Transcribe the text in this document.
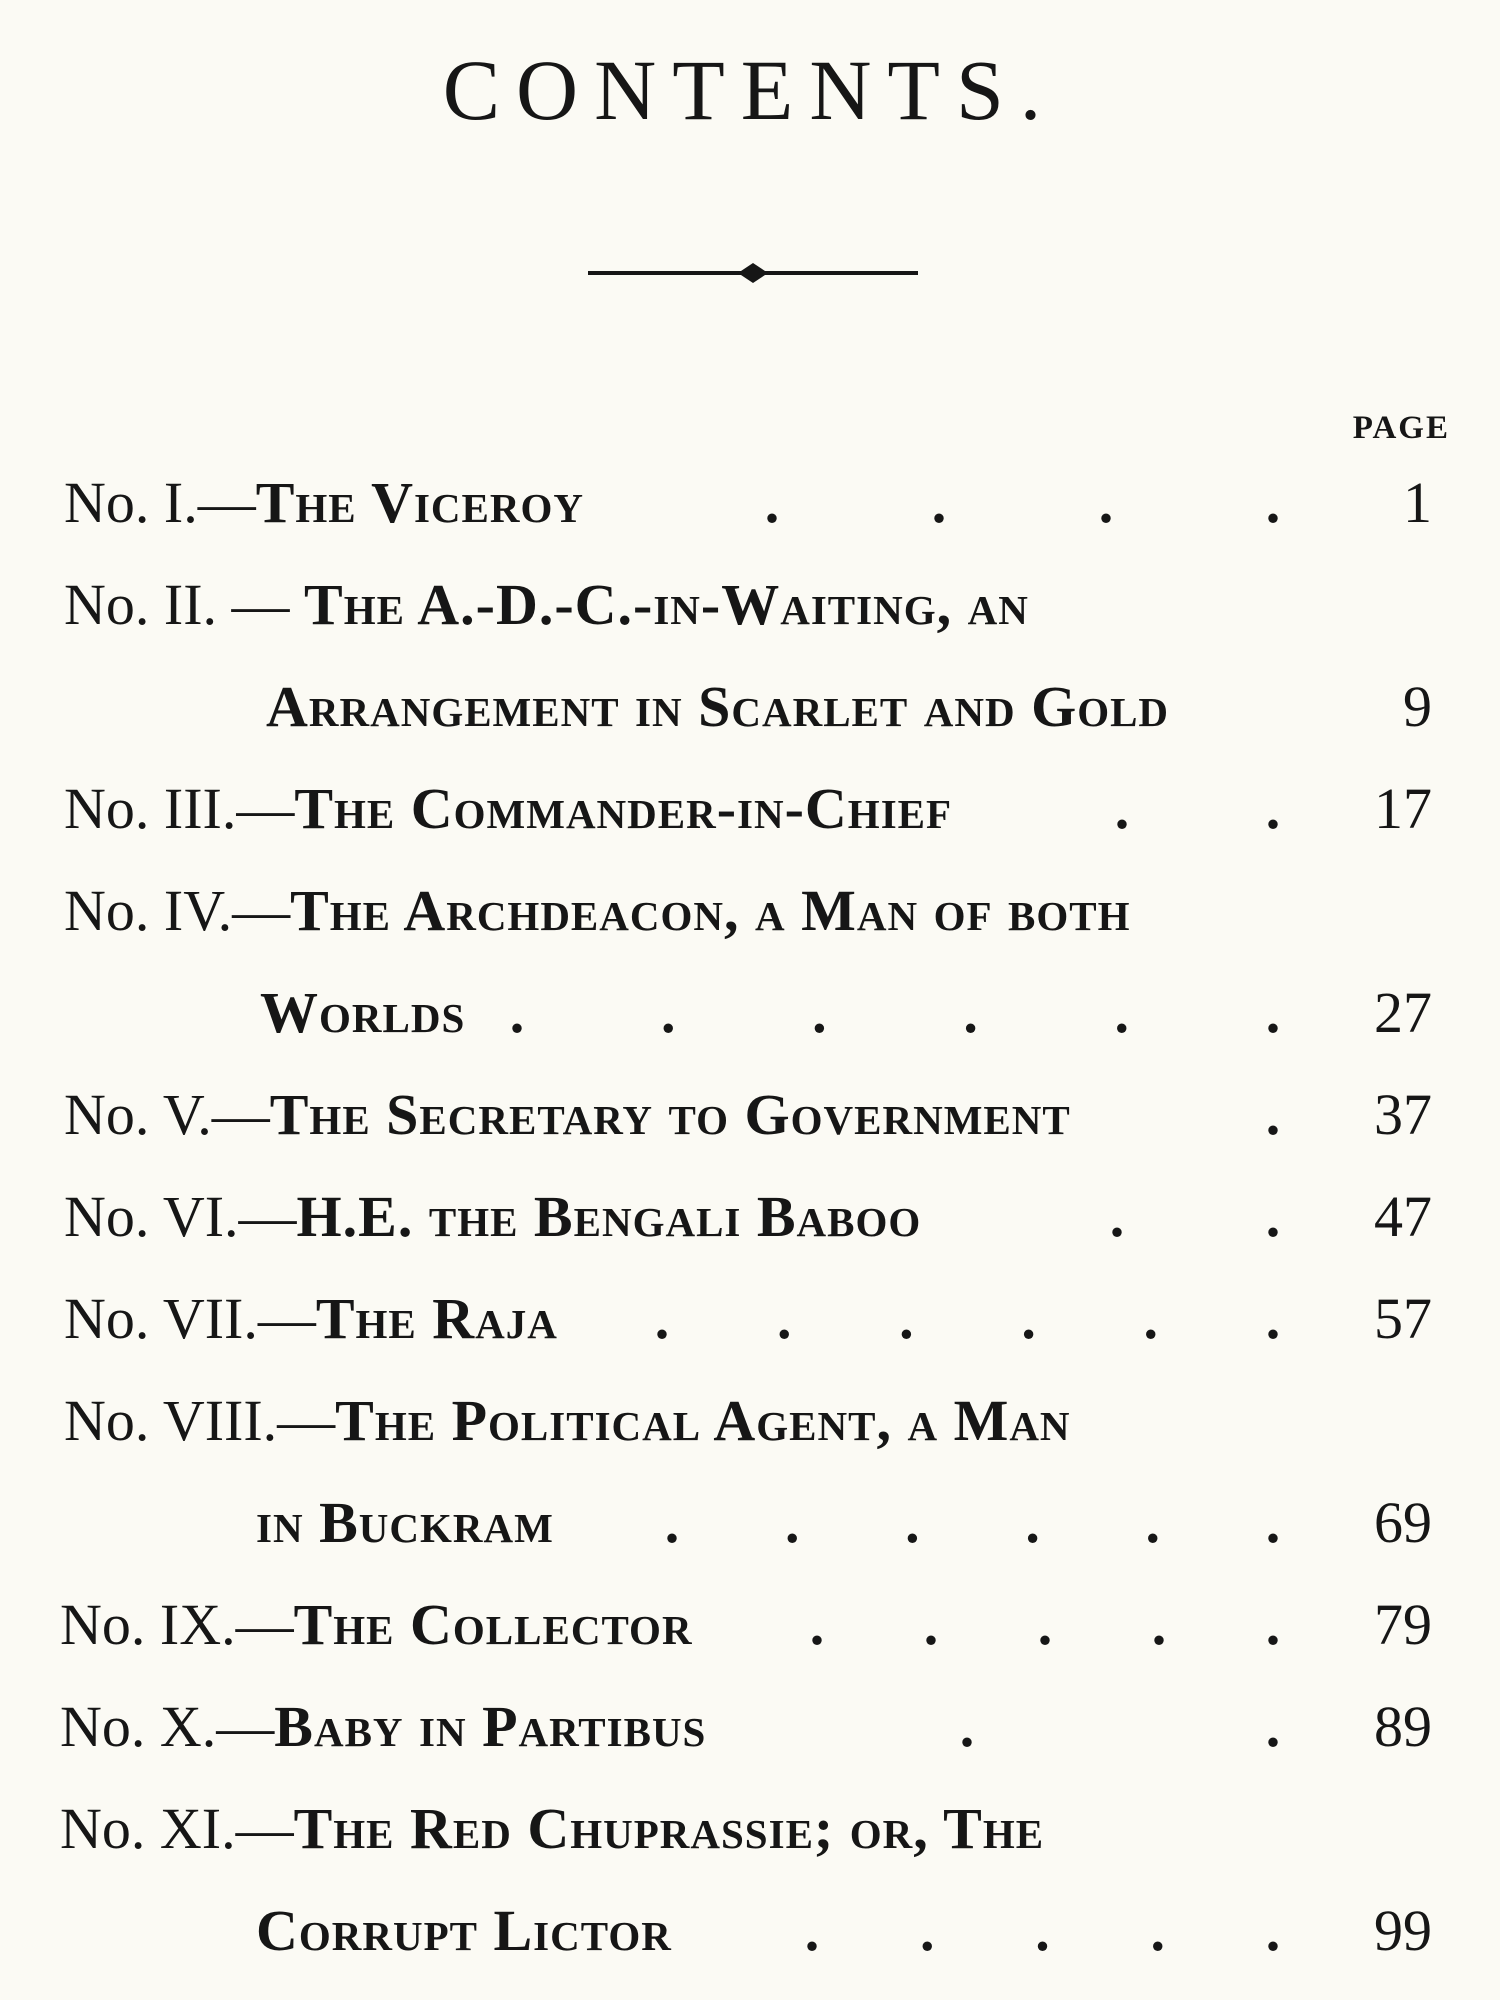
CONTENTS.
PAGE
No. I.—The Viceroy	.	.	.	.	1
No. II. — The A.-D.-C.-in-Waiting, an
Arrangement in Scarlet and Gold	9
No. III.—The Commander-in-Chief	. .	17
No. IV.—The Archdeacon, a Man of both
Worlds . . . . . .	27
No. V.—The Secretary to Government	.	37
No. VI.—H.E. the Bengali Baboo	. .	47
No. VII.—The Raja . . . . . .	57
No. VIII.—The Political Agent, a Man
in Buckram . . . . . .	69
No. IX.—The Collector . . . . .	79
No. X.—Baby in Partibus	.	.	89
No. XI.—The Red Chuprassie; or, The
Corrupt Lictor . . . . .	99
